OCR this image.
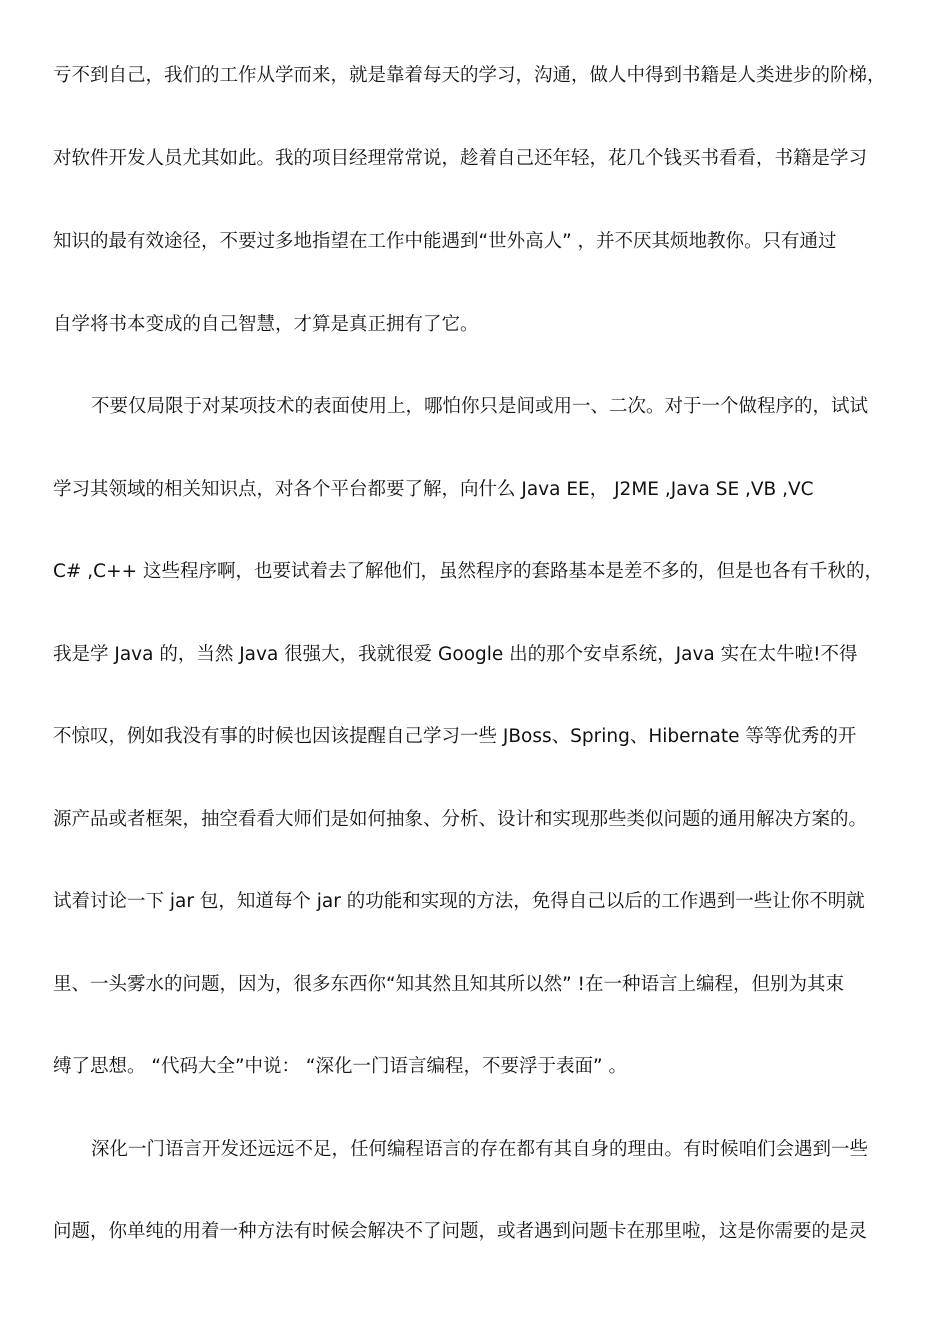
亏不到自己，我们的工作从学而来，就是靠着每天的学习，沟通，做人中得到书籍是人类进步的阶梯，
对软件开发人员尤其如此。我的项目经理常常说，趁着自己还年轻，花几个钱买书看看，书籍是学习
知识的最有效途径，不要过多地指望在工作中能遇到“世外高人” ，并不厌其烦地教你。只有通过
自学将书本变成的自己智慧，才算是真正拥有了它。
不要仅局限于对某项技术的表面使用上，哪怕你只是间或用一、二次。对于一个做程序的，试试
学习其领域的相关知识点，对各个平台都要了解，向什么 Java EE， J2ME ,Java SE ,VB ,VC
C# ,C++ 这些程序啊，也要试着去了解他们，虽然程序的套路基本是差不多的，但是也各有千秋的，
我是学 Java 的，当然 Java 很强大，我就很爱 Google 出的那个安卓系统，Java 实在太牛啦!不得
不惊叹，例如我没有事的时候也因该提醒自己学习一些 JBoss、Spring、Hibernate 等等优秀的开
源产品或者框架，抽空看看大师们是如何抽象、分析、设计和实现那些类似问题的通用解决方案的。
试着讨论一下 jar 包，知道每个 jar 的功能和实现的方法，免得自己以后的工作遇到一些让你不明就
里、一头雾水的问题，因为，很多东西你“知其然且知其所以然” !在一种语言上编程，但别为其束
缚了思想。 “代码大全”中说： “深化一门语言编程，不要浮于表面” 。
深化一门语言开发还远远不足，任何编程语言的存在都有其自身的理由。有时候咱们会遇到一些
问题，你单纯的用着一种方法有时候会解决不了问题，或者遇到问题卡在那里啦，这是你需要的是灵
